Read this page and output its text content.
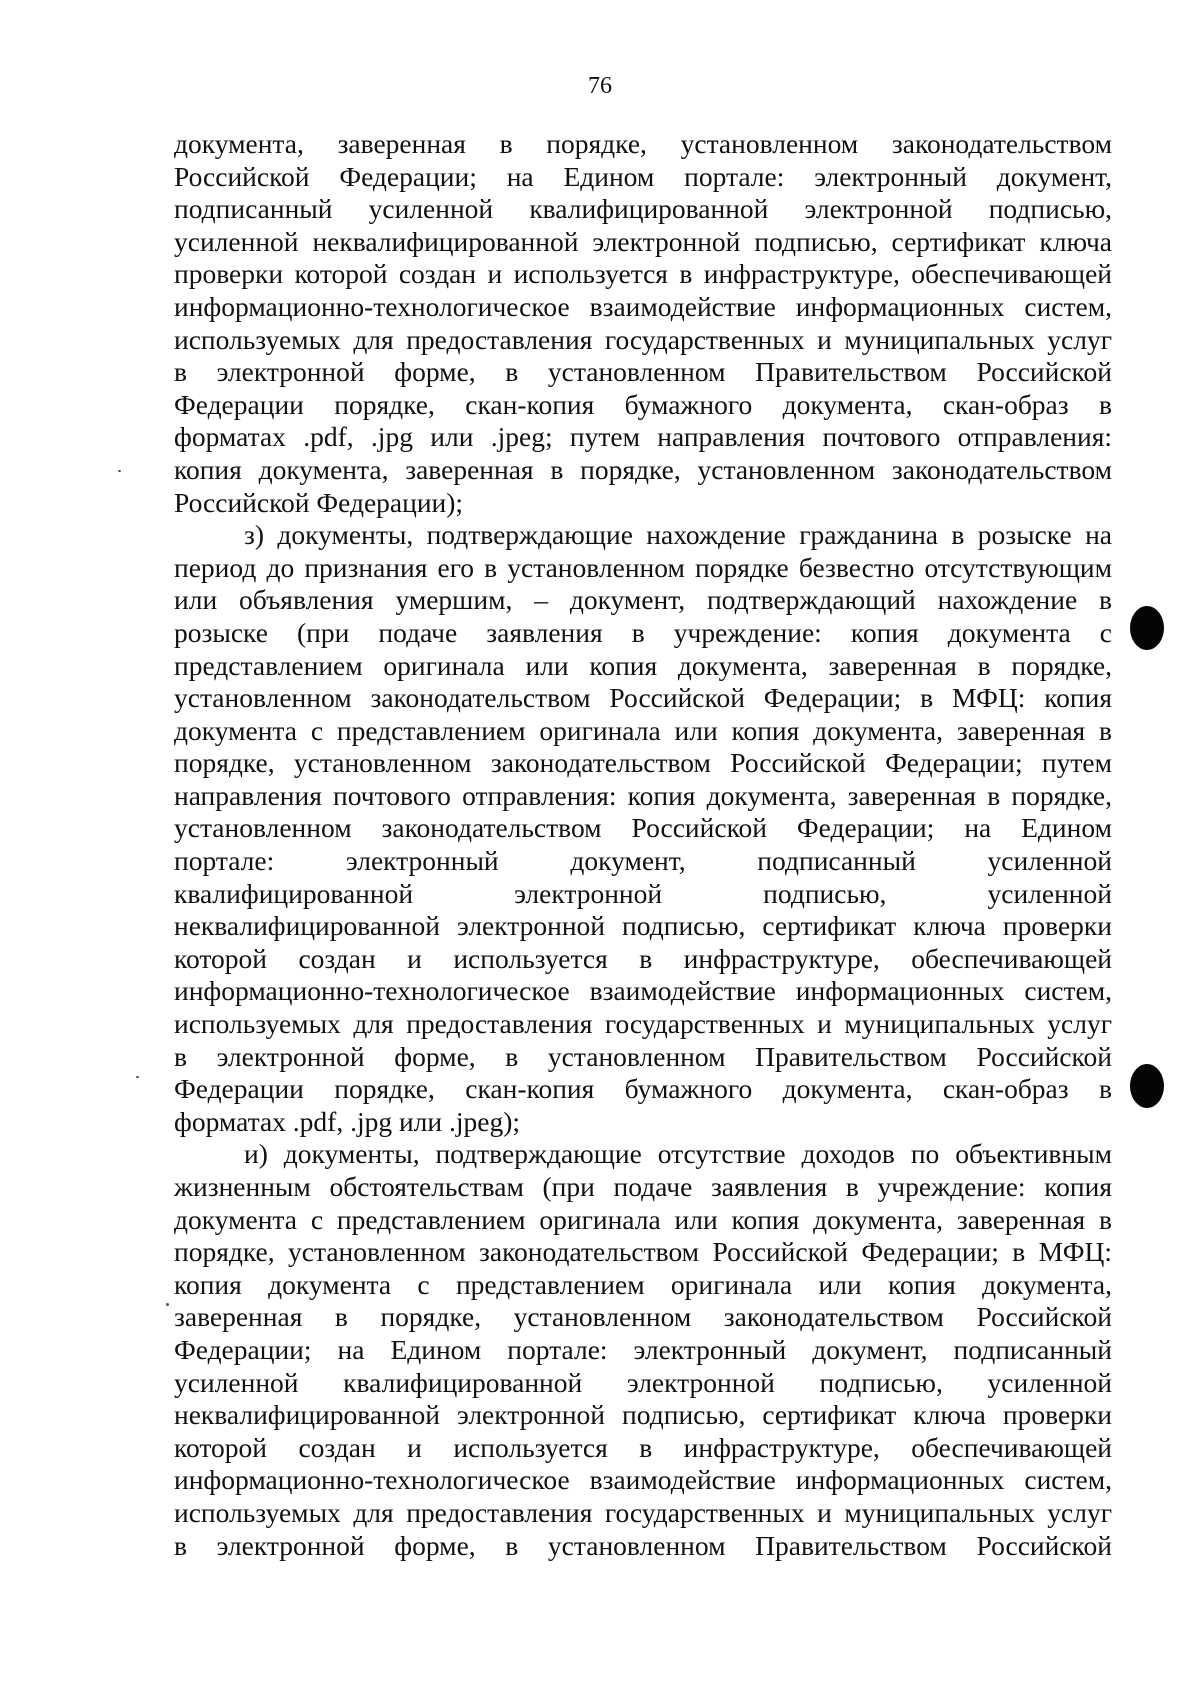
76

документа, заверенная в порядке, установленном законодательством
Российской Федерации; на Едином портале: электронный документ,
подписанный усиленной квалифицированной электронной подписью,
усиленной неквалифицированной электронной подписью, сертификат ключа
проверки которой создан и используется в инфраструктуре, обеспечивающей
информационно-технологическое взаимодействие информационных систем,
используемых для предоставления государственных и муниципальных услуг
в электронной форме, в установленном Правительством Российской
Федерации порядке, скан-копия бумажного документа, скан-образ в
форматах .pdf, .jpg или .jpeg; путем направления почтового отправления:
копия документа, заверенная в порядке, установленном законодательством
Российской Федерации);

з) документы, подтверждающие нахождение гражданина в розыске на
период до признания его в установленном порядке безвестно отсутствующим
или объявления умершим, – документ, подтверждающий нахождение в
розыске (при подаче заявления в учреждение: копия документа с
представлением оригинала или копия документа, заверенная в порядке,
установленном законодательством Российской Федерации; в МФЦ: копия
документа с представлением оригинала или копия документа, заверенная в
порядке, установленном законодательством Российской Федерации; путем
направления почтового отправления: копия документа, заверенная в порядке,
установленном законодательством Российской Федерации; на Едином
портале: электронный документ, подписанный усиленной
квалифицированной электронной подписью, усиленной
неквалифицированной электронной подписью, сертификат ключа проверки
которой создан и используется в инфраструктуре, обеспечивающей
информационно-технологическое взаимодействие информационных систем,
используемых для предоставления государственных и муниципальных услуг
в электронной форме, в установленном Правительством Российской
Федерации порядке, скан-копия бумажного документа, скан-образ в
форматах .pdf, .jpg или .jpeg);

и) документы, подтверждающие отсутствие доходов по объективным
жизненным обстоятельствам (при подаче заявления в учреждение: копия
документа с представлением оригинала или копия документа, заверенная в
порядке, установленном законодательством Российской Федерации; в МФЦ:
копия документа с представлением оригинала или копия документа,
заверенная в порядке, установленном законодательством Российской
Федерации; на Едином портале: электронный документ, подписанный
усиленной квалифицированной электронной подписью, усиленной
неквалифицированной электронной подписью, сертификат ключа проверки
которой создан и используется в инфраструктуре, обеспечивающей
информационно-технологическое взаимодействие информационных систем,
используемых для предоставления государственных и муниципальных услуг
в электронной форме, в установленном Правительством Российской
